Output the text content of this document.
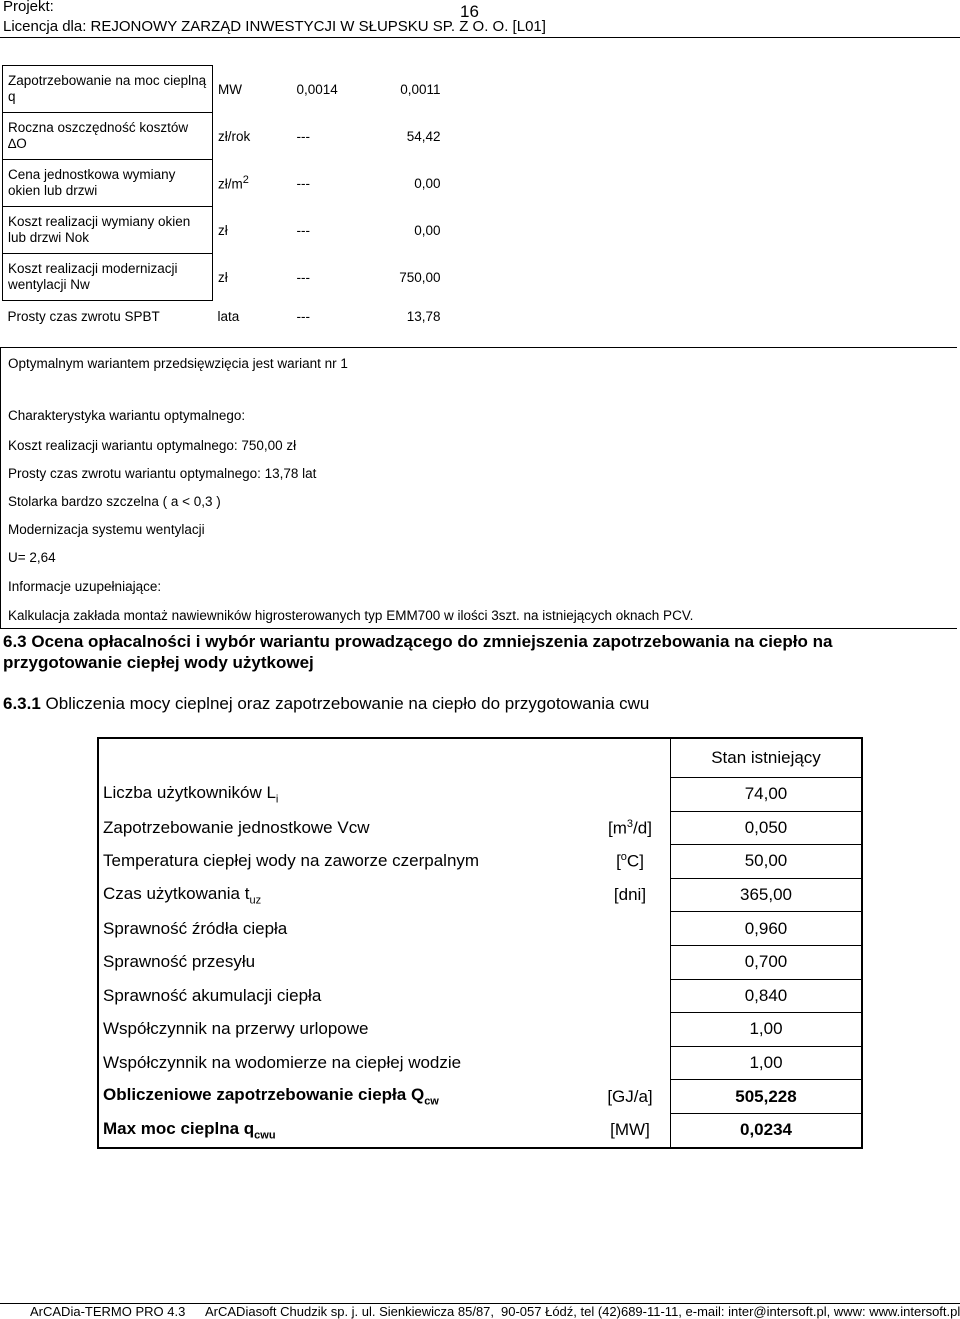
Projekt:	16
Licencja dla: REJONOWY ZARZĄD INWESTYCJI W SŁUPSKU SP. Z O. O. [L01]
Zapotrzebowanie na moc cieplną q	MW	0,0014	0,0011
Roczna oszczędność kosztów ∆O	zł/rok	---	54,42
Cena jednostkowa wymiany okien lub drzwi	$zł/m^2$	---	0,00
Koszt realizacji wymiany okien lub drzwi Nok	zł	---	0,00
Koszt realizacji modernizacji wentylacji Nw	zł	---	750,00
Prosty czas zwrotu SPBT	lata	---	13,78
Optymalnym wariantem przedsięwzięcia jest wariant nr 1
Charakterystyka wariantu optymalnego:
Koszt realizacji wariantu optymalnego: 750,00 zł
Prosty czas zwrotu wariantu optymalnego: 13,78 lat
Stolarka bardzo szczelna ( a < 0,3 )
Modernizacja systemu wentylacji
U= 2,64
Informacje uzupełniające:
Kalkulacja zakłada montaż nawiewników higrosterowanych typ EMM700 w ilości 3szt. na istniejących oknach PCV.
6.3 Ocena opłacalności i wybór wariantu prowadzącego do zmniejszenia zapotrzebowania na ciepło na przygotowanie ciepłej wody użytkowej
6.3.1 Obliczenia mocy cieplnej oraz zapotrzebowanie na ciepło do przygotowania cwu
		Stan istniejący
Liczba użytkowników $L_i$		74,00
Zapotrzebowanie jednostkowe Vcw	$[m^3/d]$	0,050
Temperatura ciepłej wody na zaworze czerpalnym	[$^o$C]	50,00
Czas użytkowania $t_{uz}$	[dni]	365,00
Sprawność źródła ciepła		0,960
Sprawność przesyłu		0,700
Sprawność akumulacji ciepła		0,840
Współczynnik na przerwy urlopowe		1,00
Współczynnik na wodomierze na ciepłej wodzie		1,00
Obliczeniowe zapotrzebowanie ciepła $Q_{cw}$	[GJ/a]	505,228
Max moc cieplna $q_{cwu}$	[MW]	0,0234
ArCADia-TERMO PRO 4.3 ArCADiasoft Chudzik sp. j. ul. Sienkiewicza 85/87, 90-057 Łódź, tel (42)689-11-11, e-mail: inter@intersoft.pl, www: www.intersoft.pl
